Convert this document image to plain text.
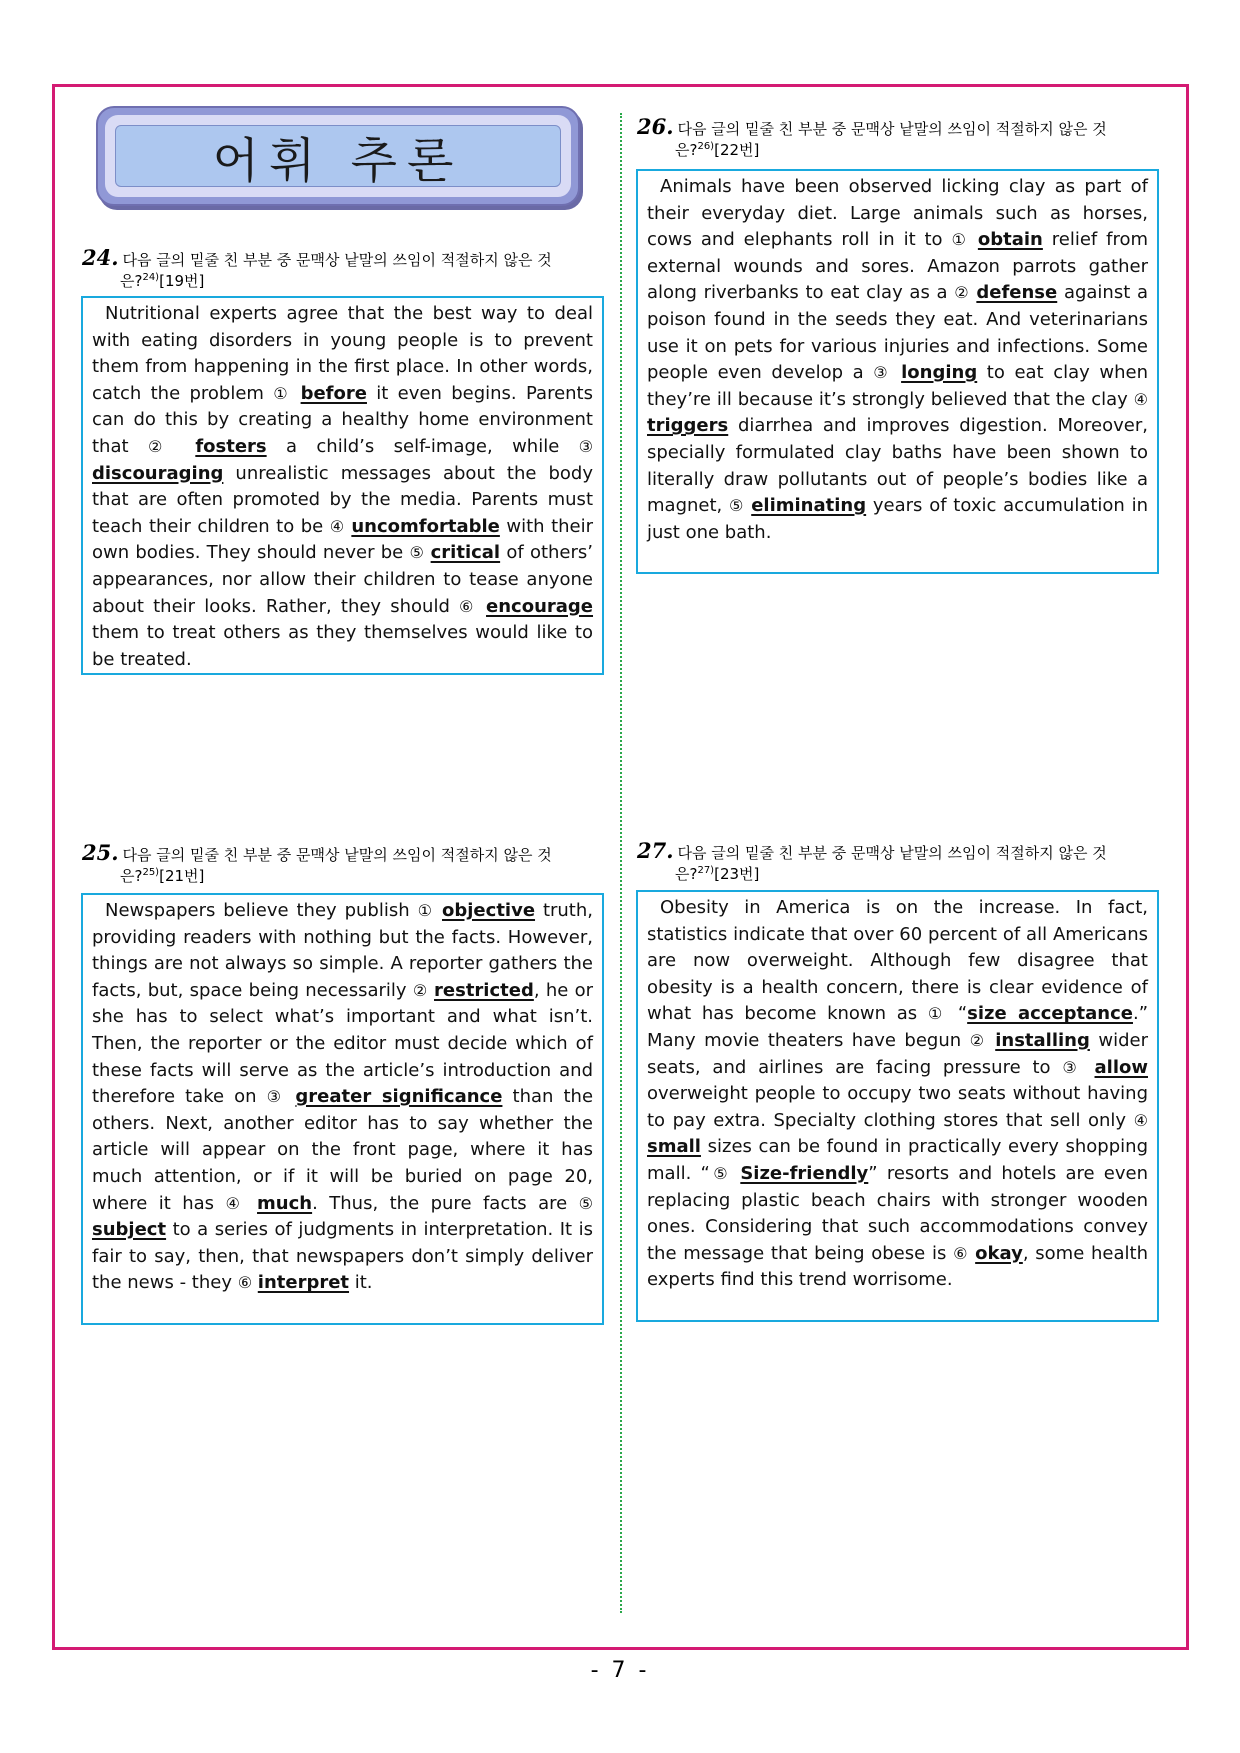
어휘 추론
24. 다음 글의 밑줄 친 부분 중 문맥상 낱말의 쓰임이 적절하지 않은 것
은?$^{24)}$[19번]
Nutritional experts agree that the best way to deal with eating disorders in young people is to prevent them from happening in the first place. In other words, catch the problem ① before it even begins. Parents can do this by creating a healthy home environment that ② fosters a child’s self-image, while ③ discouraging unrealistic messages about the body that are often promoted by the media. Parents must teach their children to be ④ uncomfortable with their own bodies. They should never be ⑤ critical of others’ appearances, nor allow their children to tease anyone about their looks. Rather, they should ⑥ encourage them to treat others as they themselves would like to be treated.
25. 다음 글의 밑줄 친 부분 중 문맥상 낱말의 쓰임이 적절하지 않은 것
은?$^{25)}$[21번]
Newspapers believe they publish ① objective truth, providing readers with nothing but the facts. However, things are not always so simple. A reporter gathers the facts, but, space being necessarily ② restricted, he or she has to select what’s important and what isn’t. Then, the reporter or the editor must decide which of these facts will serve as the article’s introduction and therefore take on ③ greater significance than the others. Next, another editor has to say whether the article will appear on the front page, where it has much attention, or if it will be buried on page 20, where it has ④ much. Thus, the pure facts are ⑤ subject to a series of judgments in interpretation. It is fair to say, then, that newspapers don’t simply deliver the news - they ⑥ interpret it.
26. 다음 글의 밑줄 친 부분 중 문맥상 낱말의 쓰임이 적절하지 않은 것
은?$^{26)}$[22번]
Animals have been observed licking clay as part of their everyday diet. Large animals such as horses, cows and elephants roll in it to ① obtain relief from external wounds and sores. Amazon parrots gather along riverbanks to eat clay as a ② defense against a poison found in the seeds they eat. And veterinarians use it on pets for various injuries and infections. Some people even develop a ③ longing to eat clay when they’re ill because it’s strongly believed that the clay ④ triggers diarrhea and improves digestion. Moreover, specially formulated clay baths have been shown to literally draw pollutants out of people’s bodies like a magnet, ⑤ eliminating years of toxic accumulation in just one bath.
27. 다음 글의 밑줄 친 부분 중 문맥상 낱말의 쓰임이 적절하지 않은 것
은?$^{27)}$[23번]
Obesity in America is on the increase. In fact, statistics indicate that over 60 percent of all Americans are now overweight. Although few disagree that obesity is a health concern, there is clear evidence of what has become known as ① “size acceptance.” Many movie theaters have begun ② installing wider seats, and airlines are facing pressure to ③ allow overweight people to occupy two seats without having to pay extra. Specialty clothing stores that sell only ④ small sizes can be found in practically every shopping mall. “⑤ Size-friendly” resorts and hotels are even replacing plastic beach chairs with stronger wooden ones. Considering that such accommodations convey the message that being obese is ⑥ okay, some health experts find this trend worrisome.
- 7 -
